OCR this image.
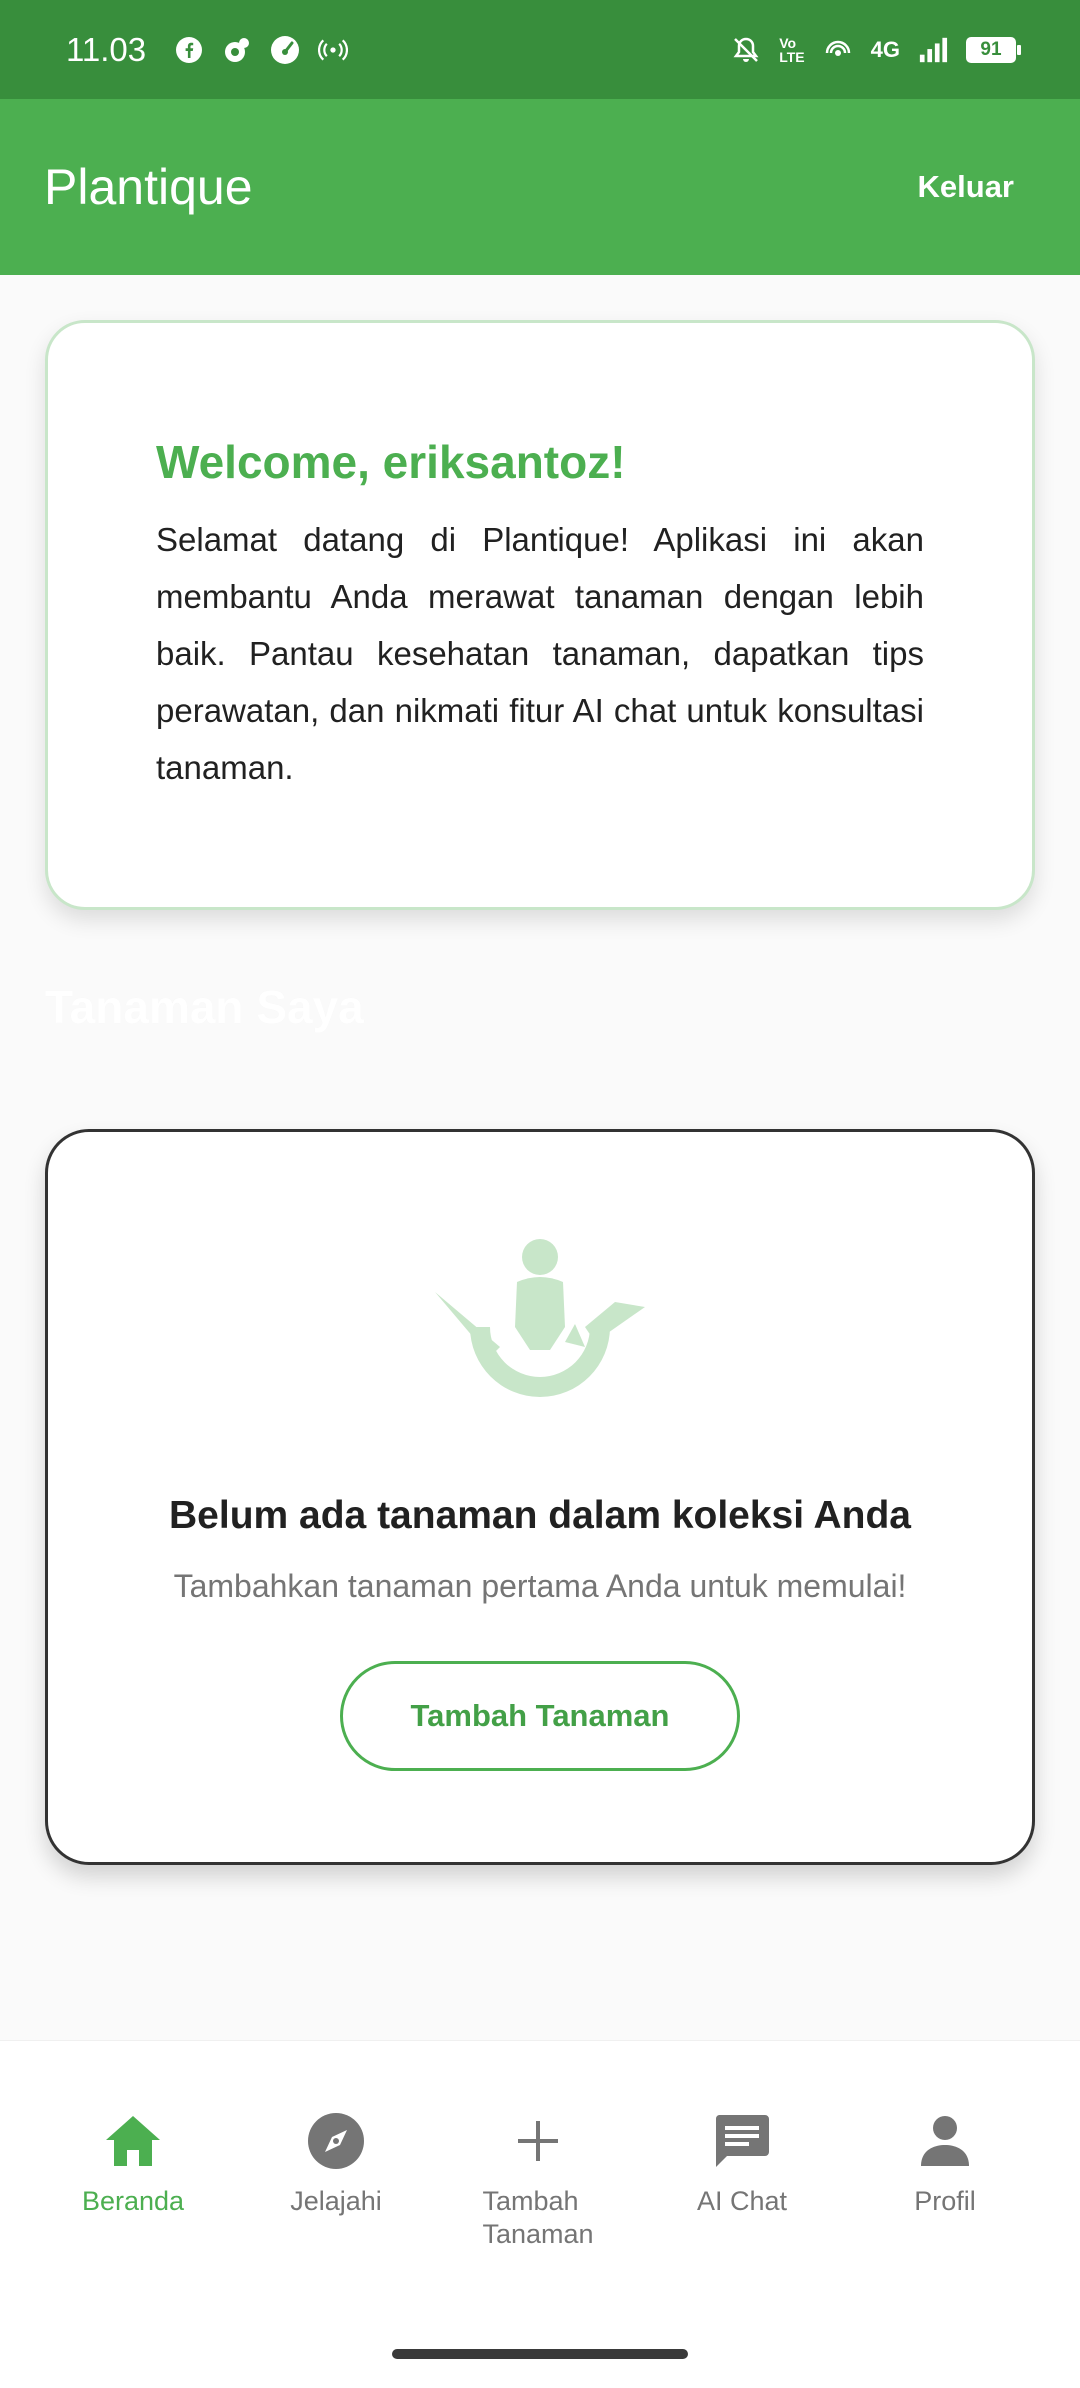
11.03	Vo
LTE	4G	91
Plantique	Keluar
Welcome, eriksantoz!

Selamat datang di Plantique! Aplikasi ini akan membantu Anda merawat tanaman dengan lebih baik. Pantau kesehatan tanaman, dapatkan tips perawatan, dan nikmati fitur AI chat untuk konsultasi tanaman.

Tanaman Saya
Belum ada tanaman dalam koleksi Anda
Tambahkan tanaman pertama Anda untuk memulai!
Tambah Tanaman
Beranda	Jelajahi	Tambah
Tanaman
AI Chat	Profil
